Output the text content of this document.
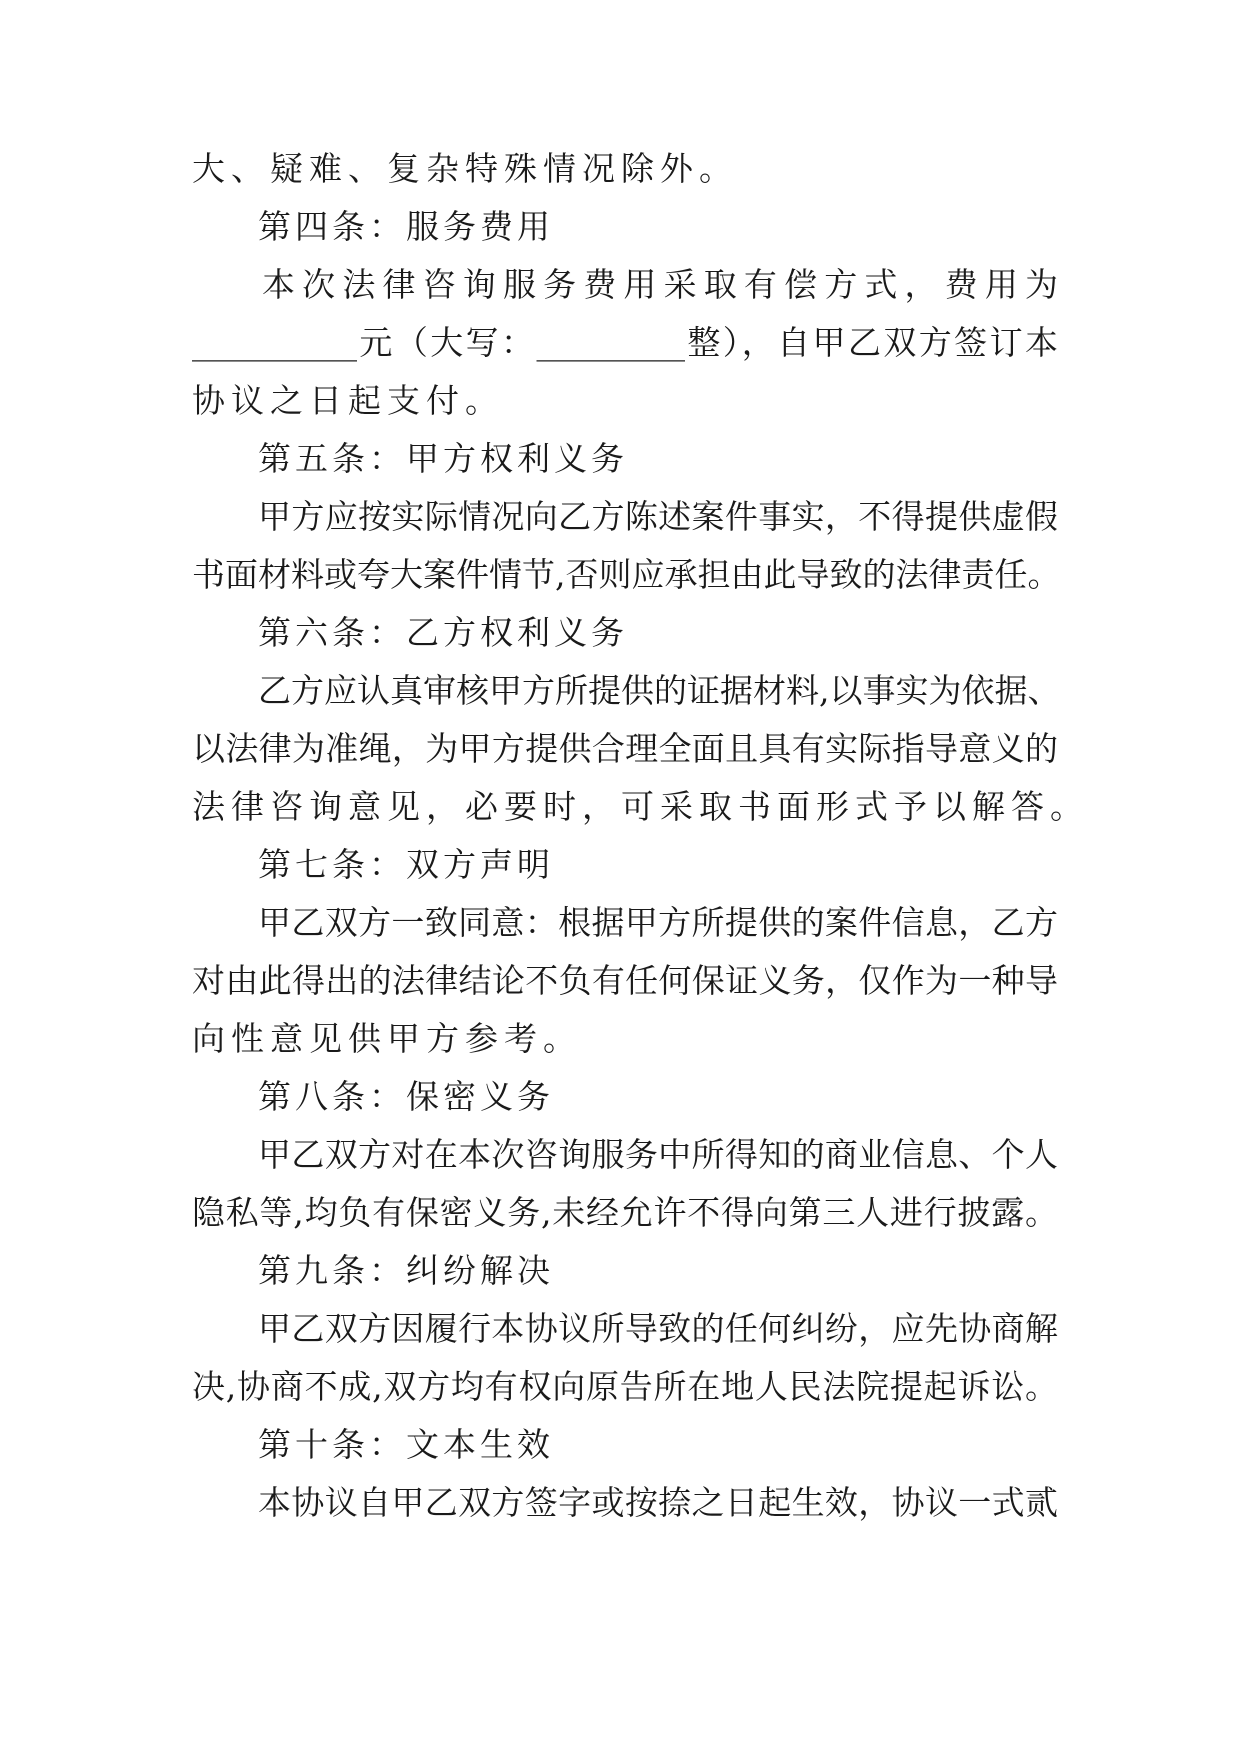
大、疑难、复杂特殊情况除外。
第四条：服务费用
本次法律咨询服务费用采取有偿方式，费用为
__________元（大写：_________整），自甲乙双方签订本
协议之日起支付。
第五条：甲方权利义务
甲方应按实际情况向乙方陈述案件事实，不得提供虚假
书面材料或夸大案件情节,否则应承担由此导致的法律责任。
第六条：乙方权利义务
乙方应认真审核甲方所提供的证据材料,以事实为依据、
以法律为准绳，为甲方提供合理全面且具有实际指导意义的
法律咨询意见，必要时，可采取书面形式予以解答。
第七条：双方声明
甲乙双方一致同意：根据甲方所提供的案件信息，乙方
对由此得出的法律结论不负有任何保证义务，仅作为一种导
向性意见供甲方参考。
第八条：保密义务
甲乙双方对在本次咨询服务中所得知的商业信息、个人
隐私等,均负有保密义务,未经允许不得向第三人进行披露。
第九条：纠纷解决
甲乙双方因履行本协议所导致的任何纠纷，应先协商解
决,协商不成,双方均有权向原告所在地人民法院提起诉讼。
第十条：文本生效
本协议自甲乙双方签字或按捺之日起生效，协议一式贰
